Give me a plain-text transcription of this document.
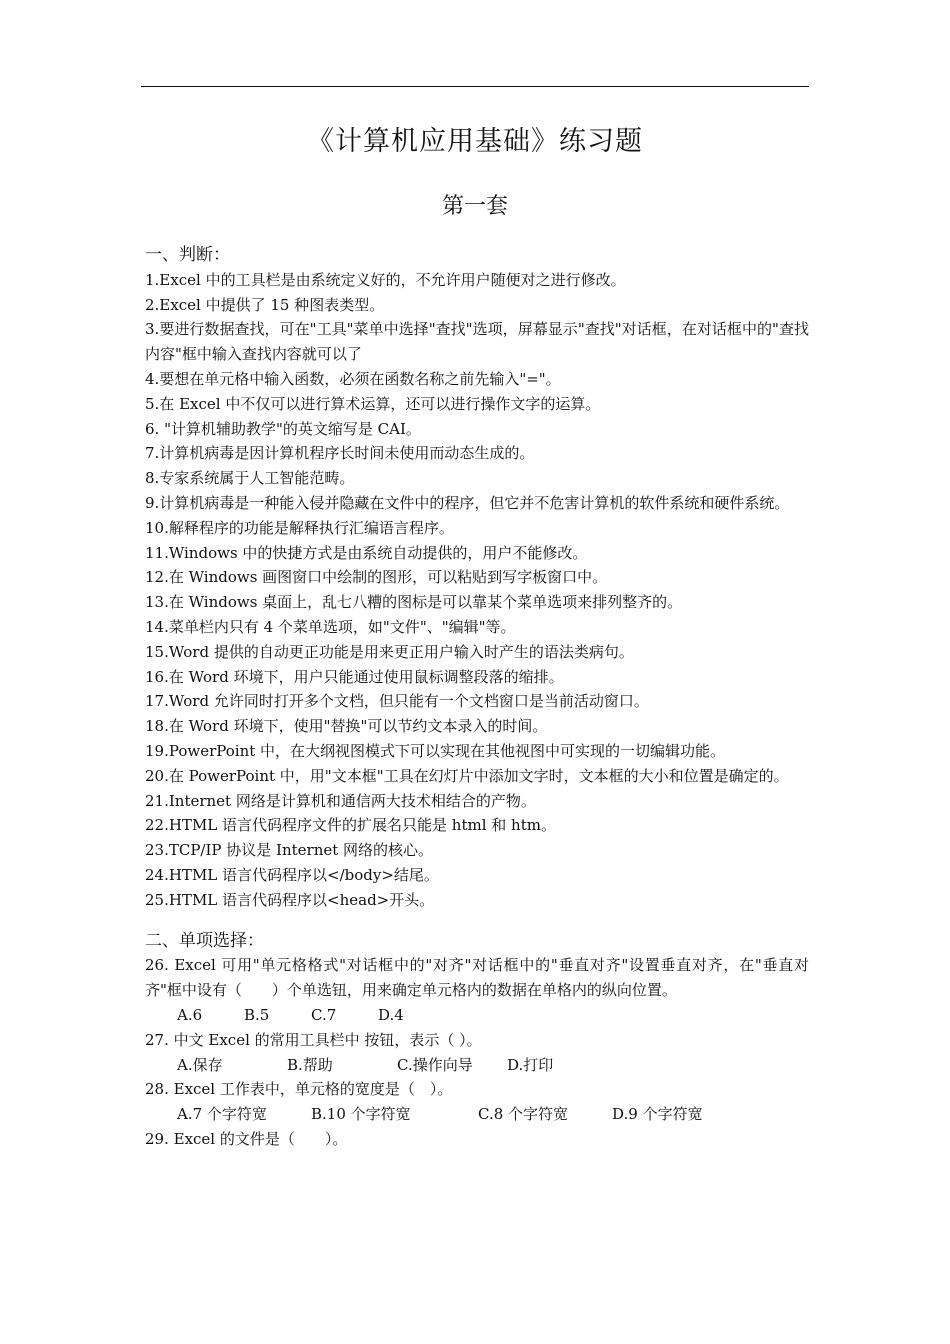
《计算机应用基础》练习题
第一套
一、判断：
1.Excel 中的工具栏是由系统定义好的，不允许用户随便对之进行修改。
2.Excel 中提供了 15 种图表类型。
3.要进行数据查找，可在"工具"菜单中选择"查找"选项，屏幕显示"查找"对话框，在对话框中的"查找内容"框中输入查找内容就可以了
4.要想在单元格中输入函数，必须在函数名称之前先输入"="。
5.在 Excel 中不仅可以进行算术运算，还可以进行操作文字的运算。
6. "计算机辅助教学"的英文缩写是 CAI。
7.计算机病毒是因计算机程序长时间未使用而动态生成的。
8.专家系统属于人工智能范畴。
9.计算机病毒是一种能入侵并隐藏在文件中的程序，但它并不危害计算机的软件系统和硬件系统。
10.解释程序的功能是解释执行汇编语言程序。
11.Windows 中的快捷方式是由系统自动提供的，用户不能修改。
12.在 Windows 画图窗口中绘制的图形，可以粘贴到写字板窗口中。
13.在 Windows 桌面上，乱七八糟的图标是可以靠某个菜单选项来排列整齐的。
14.菜单栏内只有 4 个菜单选项，如"文件"、"编辑"等。
15.Word 提供的自动更正功能是用来更正用户输入时产生的语法类病句。
16.在 Word 环境下，用户只能通过使用鼠标调整段落的缩排。
17.Word 允许同时打开多个文档，但只能有一个文档窗口是当前活动窗口。
18.在 Word 环境下，使用"替换"可以节约文本录入的时间。
19.PowerPoint 中，在大纲视图模式下可以实现在其他视图中可实现的一切编辑功能。
20.在 PowerPoint 中，用"文本框"工具在幻灯片中添加文字时，文本框的大小和位置是确定的。
21.Internet 网络是计算机和通信两大技术相结合的产物。
22.HTML 语言代码程序文件的扩展名只能是 html 和 htm。
23.TCP/IP 协议是 Internet 网络的核心。
24.HTML 语言代码程序以</body>结尾。
25.HTML 语言代码程序以<head>开头。
二、单项选择：
26. Excel 可用"单元格格式"对话框中的"对齐"对话框中的"垂直对齐"设置垂直对齐，在"垂直对齐"框中设有（　　）个单选钮，用来确定单元格内的数据在单格内的纵向位置。
A.6	B.5	C.7	D.4
27. 中文 Excel 的常用工具栏中 按钮，表示（ ）。
A.保存	B.帮助	C.操作向导	D.打印
28. Excel 工作表中，单元格的宽度是（　）。
A.7 个字符宽	B.10 个字符宽	C.8 个字符宽	D.9 个字符宽
29. Excel 的文件是（　　）。
